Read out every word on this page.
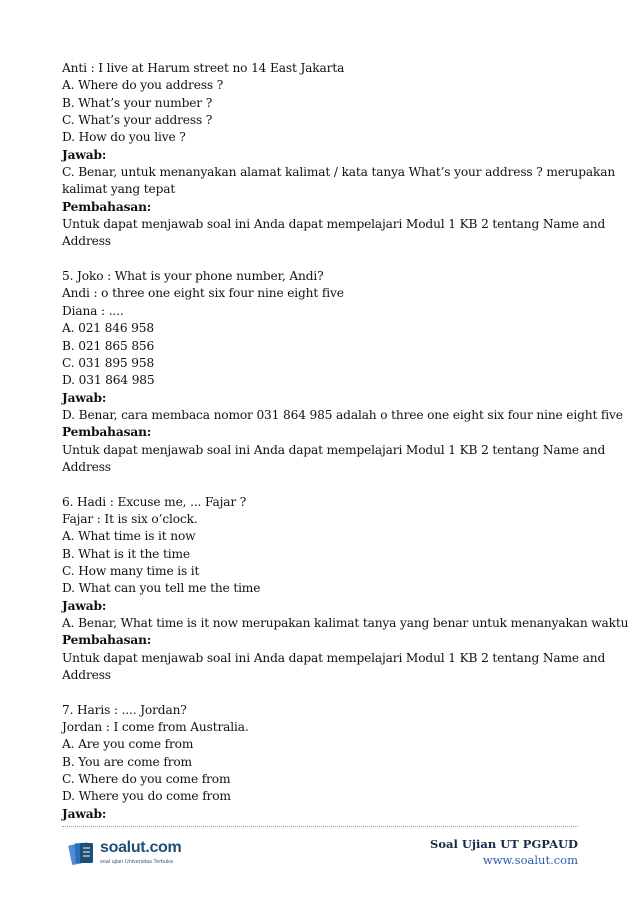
Anti : I live at Harum street no 14 East Jakarta
A. Where do you address ?
B. What’s your number ?
C. What’s your address ?
D. How do you live ?
Jawab:
C. Benar, untuk menanyakan alamat kalimat / kata tanya What’s your address ? merupakan
kalimat yang tepat
Pembahasan:
Untuk dapat menjawab soal ini Anda dapat mempelajari Modul 1 KB 2 tentang Name and
Address
5. Joko : What is your phone number, Andi?
Andi : o three one eight six four nine eight five
Diana : ....
A. 021 846 958
B. 021 865 856
C. 031 895 958
D. 031 864 985
Jawab:
D. Benar, cara membaca nomor 031 864 985 adalah o three one eight six four nine eight five
Pembahasan:
Untuk dapat menjawab soal ini Anda dapat mempelajari Modul 1 KB 2 tentang Name and
Address
6. Hadi : Excuse me, ... Fajar ?
Fajar : It is six o’clock.
A. What time is it now
B. What is it the time
C. How many time is it
D. What can you tell me the time
Jawab:
A. Benar, What time is it now merupakan kalimat tanya yang benar untuk menanyakan waktu
Pembahasan:
Untuk dapat menjawab soal ini Anda dapat mempelajari Modul 1 KB 2 tentang Name and
Address
7. Haris : .... Jordan?
Jordan : I come from Australia.
A. Are you come from
B. You are come from
C. Where do you come from
D. Where you do come from
Jawab:
soalut.com
soal ujian Universitas Terbuka
Soal Ujian UT PGPAUD
www.soalut.com
